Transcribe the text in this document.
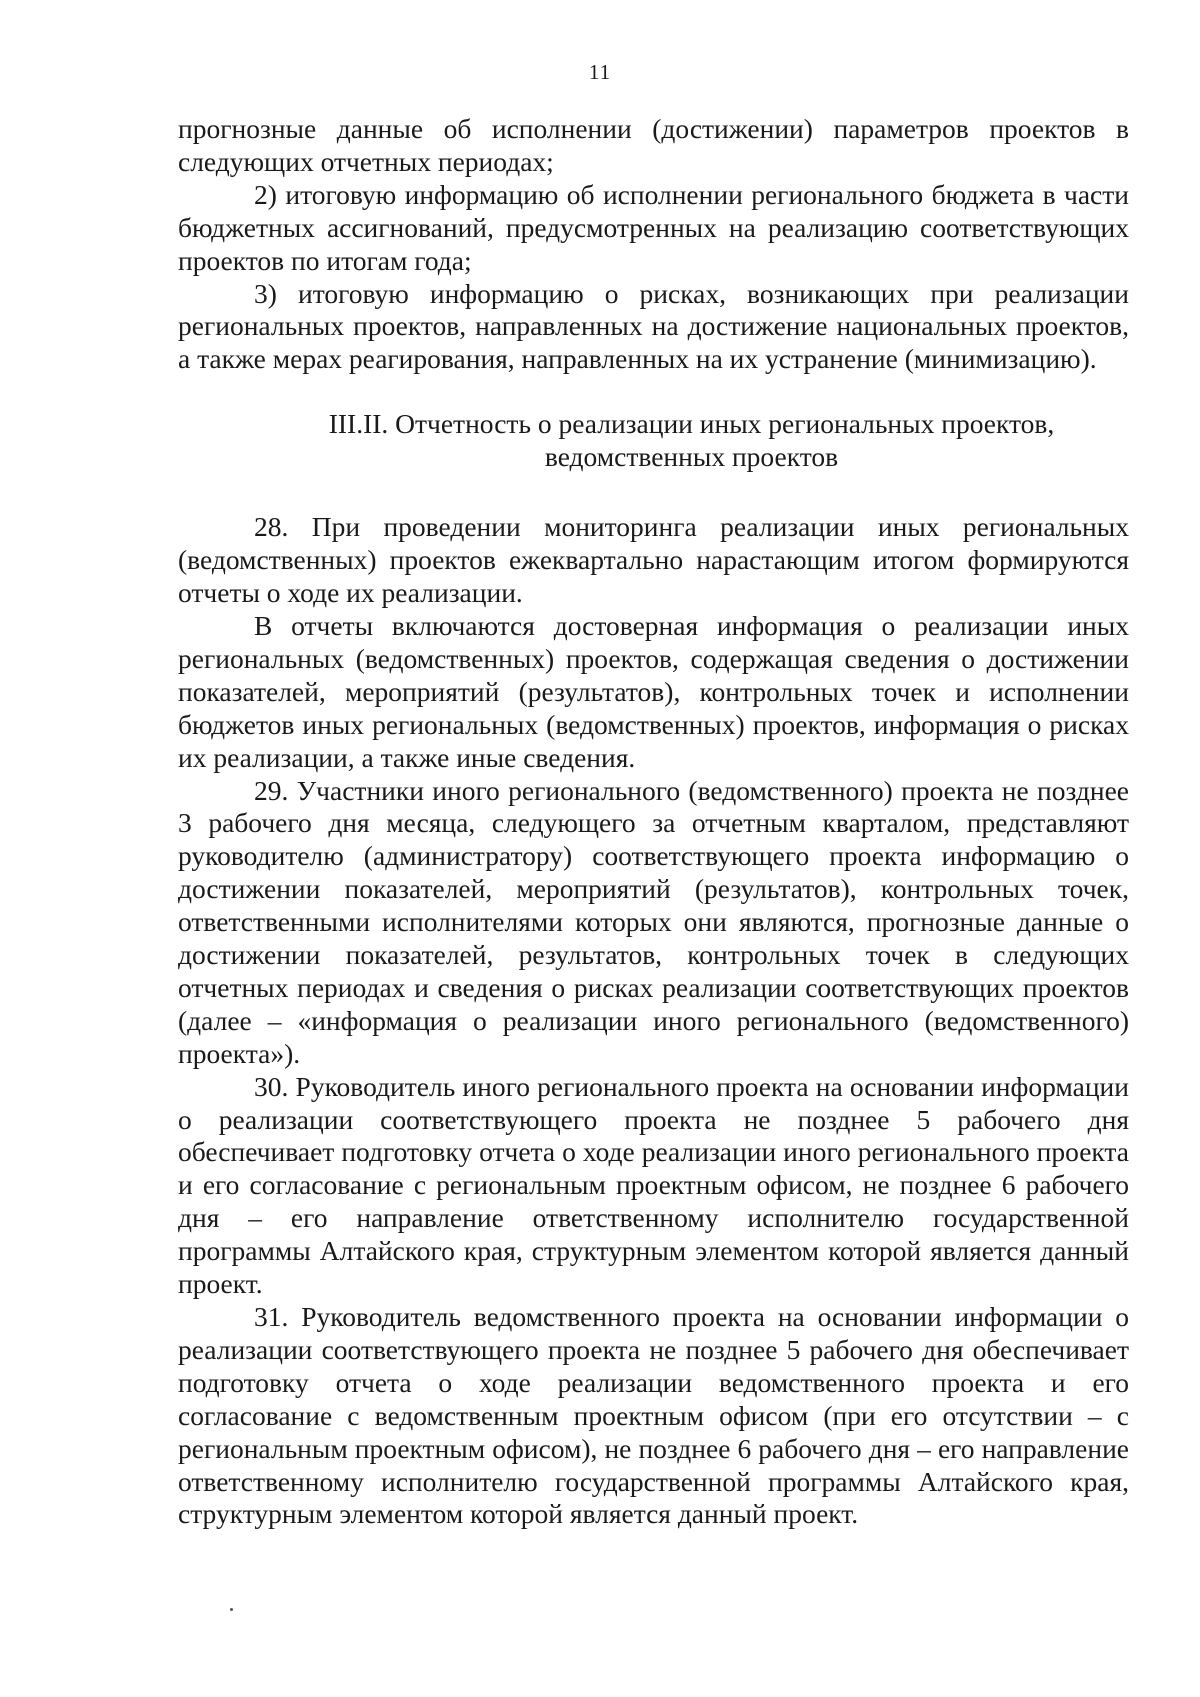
11

прогнозные данные об исполнении (достижении) параметров проектов в следующих отчетных периодах;

2) итоговую информацию об исполнении регионального бюджета в части бюджетных ассигнований, предусмотренных на реализацию соответствующих проектов по итогам года;

3) итоговую информацию о рисках, возникающих при реализации региональных проектов, направленных на достижение национальных проектов, а также мерах реагирования, направленных на их устранение (минимизацию).

III.II. Отчетность о реализации иных региональных проектов,
ведомственных проектов

28. При проведении мониторинга реализации иных региональных (ведомственных) проектов ежеквартально нарастающим итогом формируются отчеты о ходе их реализации.

В отчеты включаются достоверная информация о реализации иных региональных (ведомственных) проектов, содержащая сведения о достижении показателей, мероприятий (результатов), контрольных точек и исполнении бюджетов иных региональных (ведомственных) проектов, информация о рисках их реализации, а также иные сведения.

29. Участники иного регионального (ведомственного) проекта не позднее 3 рабочего дня месяца, следующего за отчетным кварталом, представляют руководителю (администратору) соответствующего проекта информацию о достижении показателей, мероприятий (результатов), контрольных точек, ответственными исполнителями которых они являются, прогнозные данные о достижении показателей, результатов, контрольных точек в следующих отчетных периодах и сведения о рисках реализации соответствующих проектов (далее – «информация о реализации иного регионального (ведомственного) проекта»).

30. Руководитель иного регионального проекта на основании информации о реализации соответствующего проекта не позднее 5 рабочего дня обеспечивает подготовку отчета о ходе реализации иного регионального проекта и его согласование с региональным проектным офисом, не позднее 6 рабочего дня – его направление ответственному исполнителю государственной программы Алтайского края, структурным элементом которой является данный проект.

31. Руководитель ведомственного проекта на основании информации о реализации соответствующего проекта не позднее 5 рабочего дня обеспечивает подготовку отчета о ходе реализации ведомственного проекта и его согласование с ведомственным проектным офисом (при его отсутствии – с региональным проектным офисом), не позднее 6 рабочего дня – его направление ответственному исполнителю государственной программы Алтайского края, структурным элементом которой является данный проект.
